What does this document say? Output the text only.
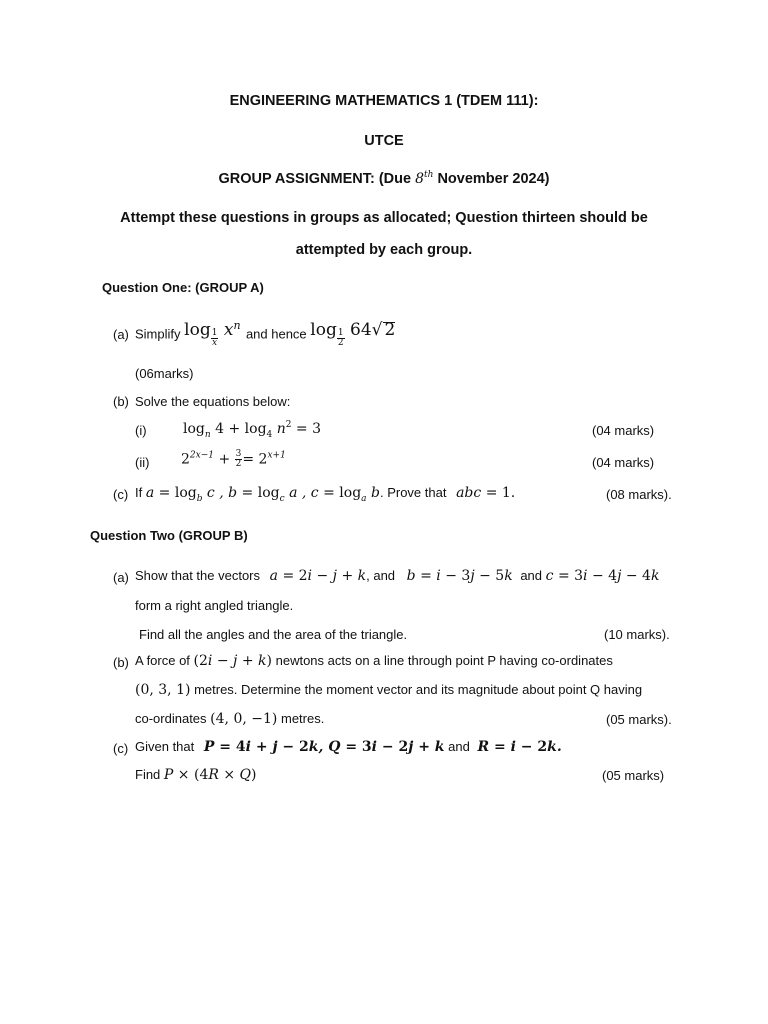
ENGINEERING MATHEMATICS 1 (TDEM 111):
UTCE
GROUP ASSIGNMENT: (Due 8th November 2024)
Attempt these questions in groups as allocated; Question thirteen should be
attempted by each group.
Question One: (GROUP A)
(a) Simplify $\log \frac{1}{x} x^n$ and hence $\log \frac{1}{2} 64√$ 2
(06marks)
(b) Solve the equations below:
(i)	$\log_n 4 + \log_4 n^2 = 3$	(04 marks)
(ii) $2^{2x-1} + \frac{3}{2} = 2^{x+1}$	(04 marks)
(c) If $a = \log_b c$ , $b = \log_c a$ , $c = \log_a b$. Prove that abc = 1.	(08 marks).
Question Two (GROUP B)
(a) Show that the vectors a = 2i − j + k, and b = i − 3j − 5k and c = 3i − 4j − 4k
form a right angled triangle.
Find all the angles and the area of the triangle.	(10 marks).
(b) A force of (2i − j + k) newtons acts on a line through point P having co-ordinates
(0, 3, 1) metres. Determine the moment vector and its magnitude about point Q having
co-ordinates (4, 0, −1) metres.	(05 marks).
(c) Given that P = 4i + j − 2k, Q = 3i − 2j + k and R = i − 2k.
Find P × (4R × Q)	(05 marks)
